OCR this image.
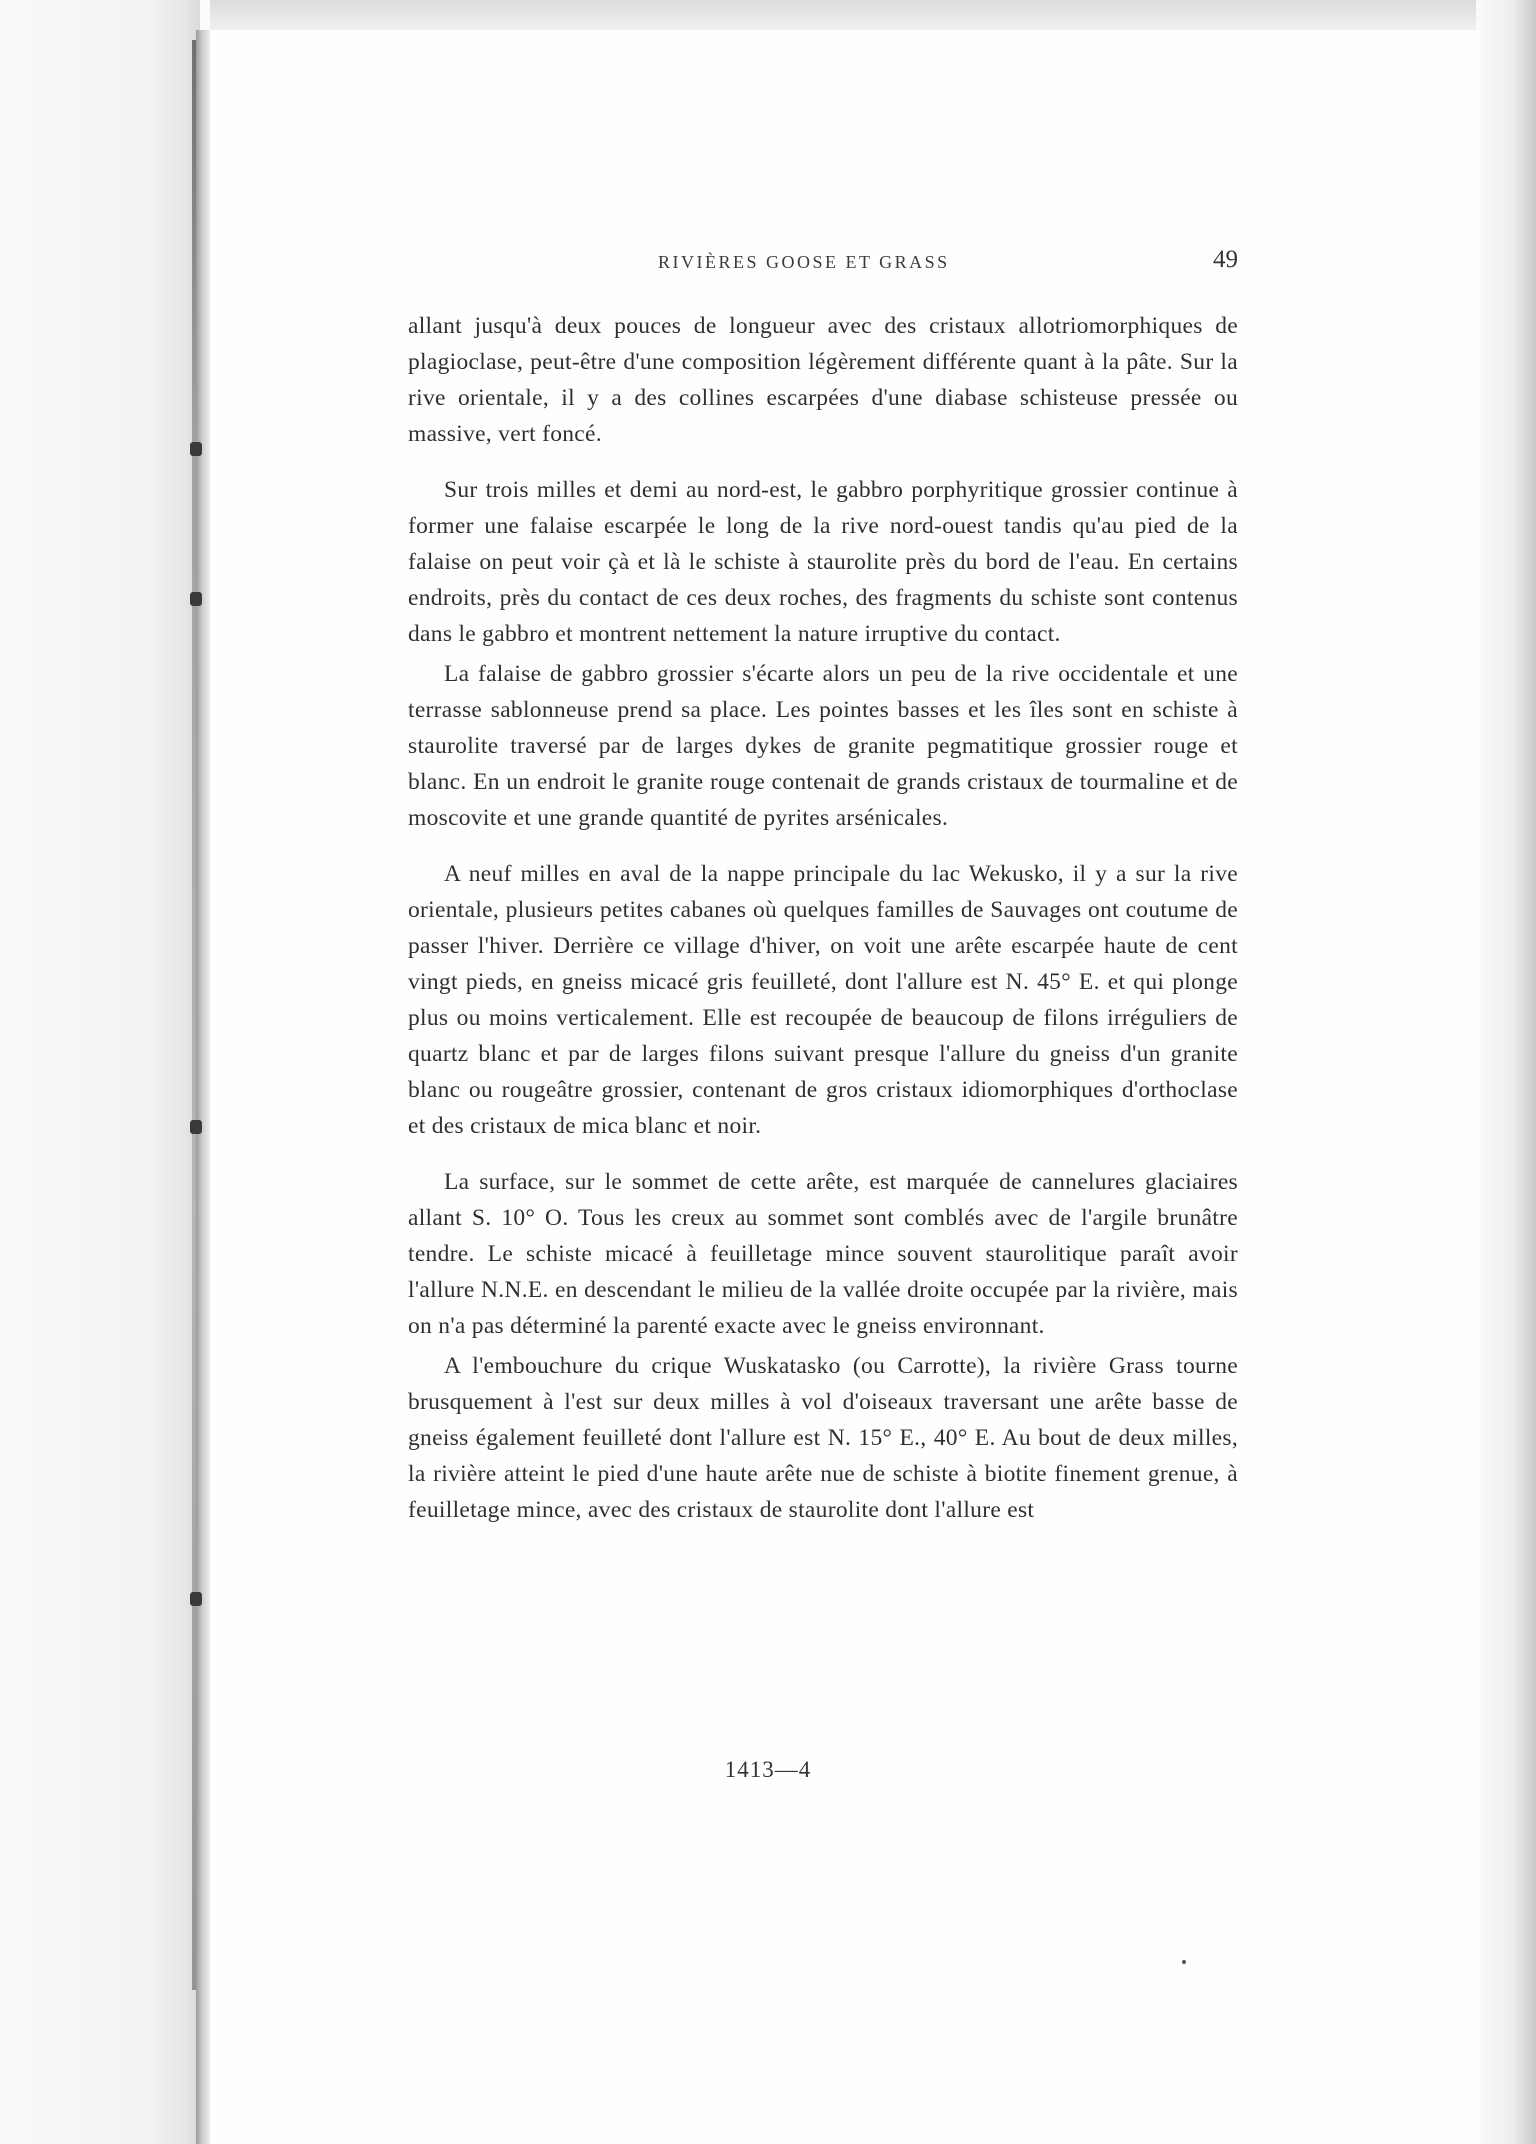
RIVIÈRES GOOSE ET GRASS	49

allant jusqu'à deux pouces de longueur avec des cristaux allotriomorphiques de plagioclase, peut-être d'une composition légèrement différente quant à la pâte. Sur la rive orientale, il y a des collines escarpées d'une diabase schisteuse pressée ou massive, vert foncé.

Sur trois milles et demi au nord-est, le gabbro porphyritique grossier continue à former une falaise escarpée le long de la rive nord-ouest tandis qu'au pied de la falaise on peut voir çà et là le schiste à staurolite près du bord de l'eau. En certains endroits, près du contact de ces deux roches, des fragments du schiste sont contenus dans le gabbro et montrent nettement la nature irruptive du contact.

La falaise de gabbro grossier s'écarte alors un peu de la rive occidentale et une terrasse sablonneuse prend sa place. Les pointes basses et les îles sont en schiste à staurolite traversé par de larges dykes de granite pegmatitique grossier rouge et blanc. En un endroit le granite rouge contenait de grands cristaux de tourmaline et de moscovite et une grande quantité de pyrites arsénicales.

A neuf milles en aval de la nappe principale du lac Wekusko, il y a sur la rive orientale, plusieurs petites cabanes où quelques familles de Sauvages ont coutume de passer l'hiver. Derrière ce village d'hiver, on voit une arête escarpée haute de cent vingt pieds, en gneiss micacé gris feuilleté, dont l'allure est N. 45° E. et qui plonge plus ou moins verticalement. Elle est recoupée de beaucoup de filons irréguliers de quartz blanc et par de larges filons suivant presque l'allure du gneiss d'un granite blanc ou rougeâtre grossier, contenant de gros cristaux idiomorphiques d'orthoclase et des cristaux de mica blanc et noir.

La surface, sur le sommet de cette arête, est marquée de cannelures glaciaires allant S. 10° O. Tous les creux au sommet sont comblés avec de l'argile brunâtre tendre. Le schiste micacé à feuilletage mince souvent staurolitique paraît avoir l'allure N.N.E. en descendant le milieu de la vallée droite occupée par la rivière, mais on n'a pas déterminé la parenté exacte avec le gneiss environnant.

A l'embouchure du crique Wuskatasko (ou Carrotte), la rivière Grass tourne brusquement à l'est sur deux milles à vol d'oiseaux traversant une arête basse de gneiss également feuilleté dont l'allure est N. 15° E., 40° E. Au bout de deux milles, la rivière atteint le pied d'une haute arête nue de schiste à biotite finement grenue, à feuilletage mince, avec des cristaux de staurolite dont l'allure est

1413—4
